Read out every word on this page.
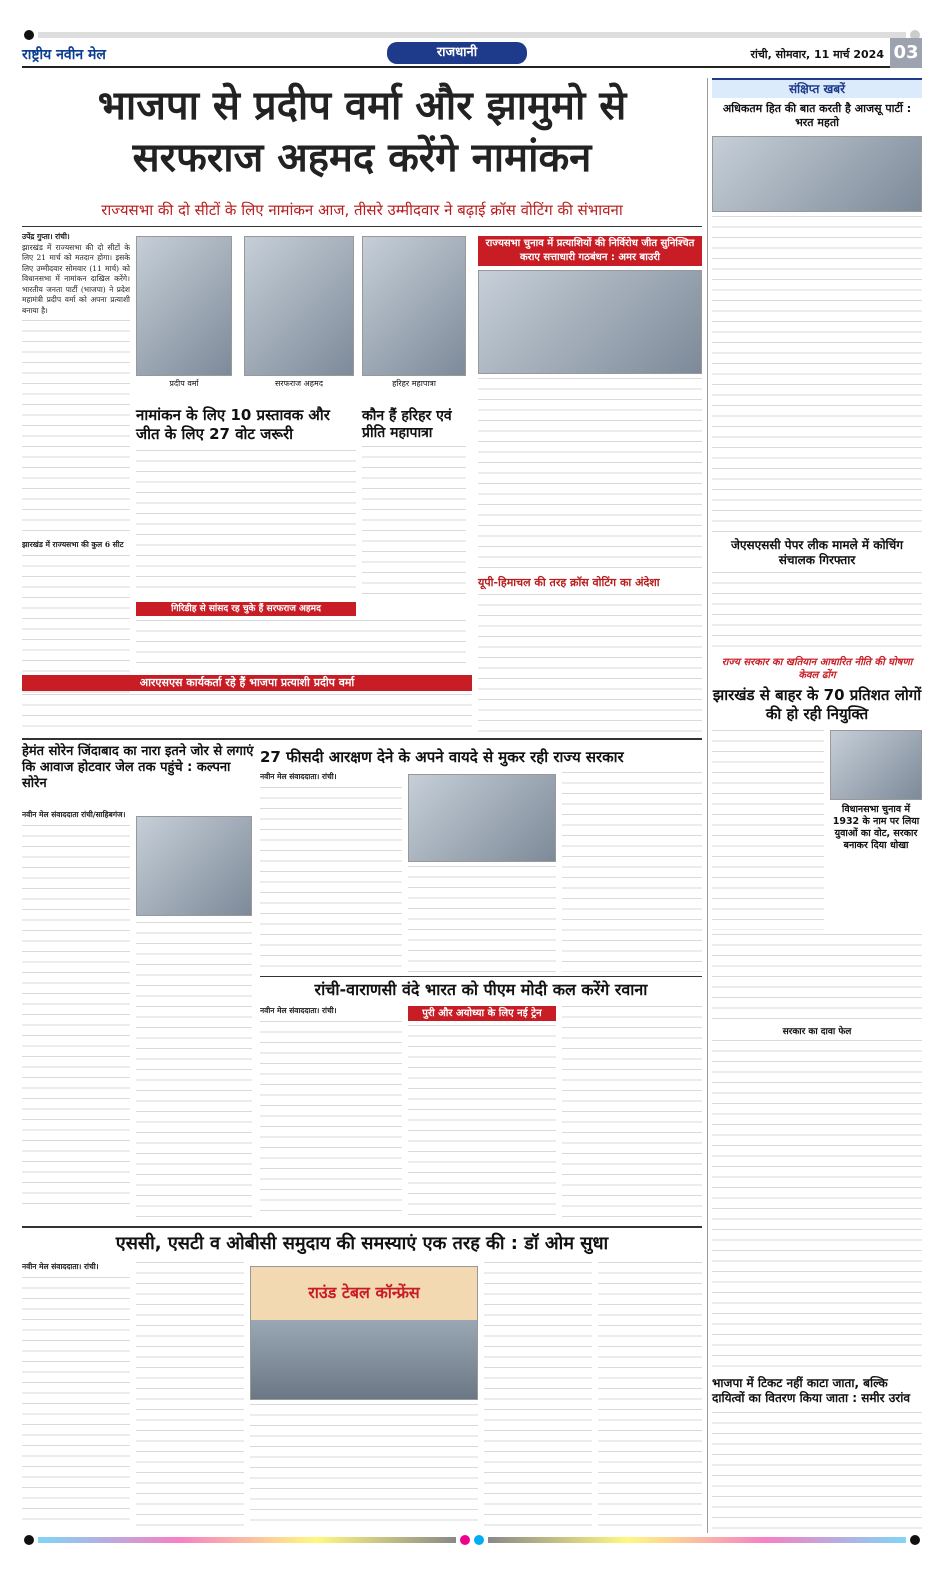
राष्ट्रीय नवीन मेल	राजधानी	रांची, सोमवार, 11 मार्च 2024 03
भाजपा से प्रदीप वर्मा और झामुमो से
सरफराज अहमद करेंगे नामांकन
राज्यसभा की दो सीटों के लिए नामांकन आज, तीसरे उम्मीदवार ने बढ़ाई क्रॉस वोटिंग की संभावना
उपेंद्र गुप्ता। रांची।
झारखंड में राज्यसभा की दो सीटों के लिए 21 मार्च को मतदान होगा। इसके लिए उम्मीदवार सोमवार (11 मार्च) को विधानसभा में नामांकन दाखिल करेंगे। भारतीय जनता पार्टी (भाजपा) ने प्रदेश महामंत्री प्रदीप वर्मा को अपना प्रत्याशी बनाया है।
झारखंड में राज्यसभा की कुल 6 सीट
प्रदीप वर्मा	सरफराज अहमद	हरिहर महापात्रा
नामांकन के लिए 10 प्रस्तावक और जीत के लिए 27 वोट जरूरी
गिरिडीह से सांसद रह चुके हैं सरफराज अहमद
कौन हैं हरिहर एवं प्रीति महापात्रा
आरएसएस कार्यकर्ता रहे हैं भाजपा प्रत्याशी प्रदीप वर्मा
राज्यसभा चुनाव में प्रत्याशियों की निर्विरोध जीत सुनिश्चित कराए सत्ताधारी गठबंधन : अमर बाउरी
यूपी-हिमाचल की तरह क्रॉस वोटिंग का अंदेशा
हेमंत सोरेन जिंदाबाद का नारा इतने जोर से लगाएं कि आवाज होटवार जेल तक पहुंचे : कल्पना सोरेन
नवीन मेल संवाददाता रांची/साहिबगंज।
27 फीसदी आरक्षण देने के अपने वायदे से मुकर रही राज्य सरकार
नवीन मेल संवाददाता। रांची।
रांची-वाराणसी वंदे भारत को पीएम मोदी कल करेंगे रवाना
नवीन मेल संवाददाता। रांची।	पुरी और अयोध्या के लिए नई ट्रेन
एससी, एसटी व ओबीसी समुदाय की समस्याएं एक तरह की : डॉ ओम सुधा
नवीन मेल संवाददाता। रांची।
राउंड टेबल कॉन्फ्रेंस
संक्षिप्त खबरें
अधिकतम हित की बात करती है आजसू पार्टी : भरत महतो
जेएसएससी पेपर लीक मामले में कोचिंग संचालक गिरफ्तार
राज्य सरकार का खतियान आधारित नीति की घोषणा केवल ढोंग
झारखंड से बाहर के 70 प्रतिशत लोगों की हो रही नियुक्ति
विधानसभा चुनाव में 1932 के नाम पर लिया युवाओं का वोट, सरकार बनाकर दिया धोखा
सरकार का दावा फेल
भाजपा में टिकट नहीं काटा जाता, बल्कि दायित्वों का वितरण किया जाता : समीर उरांव
